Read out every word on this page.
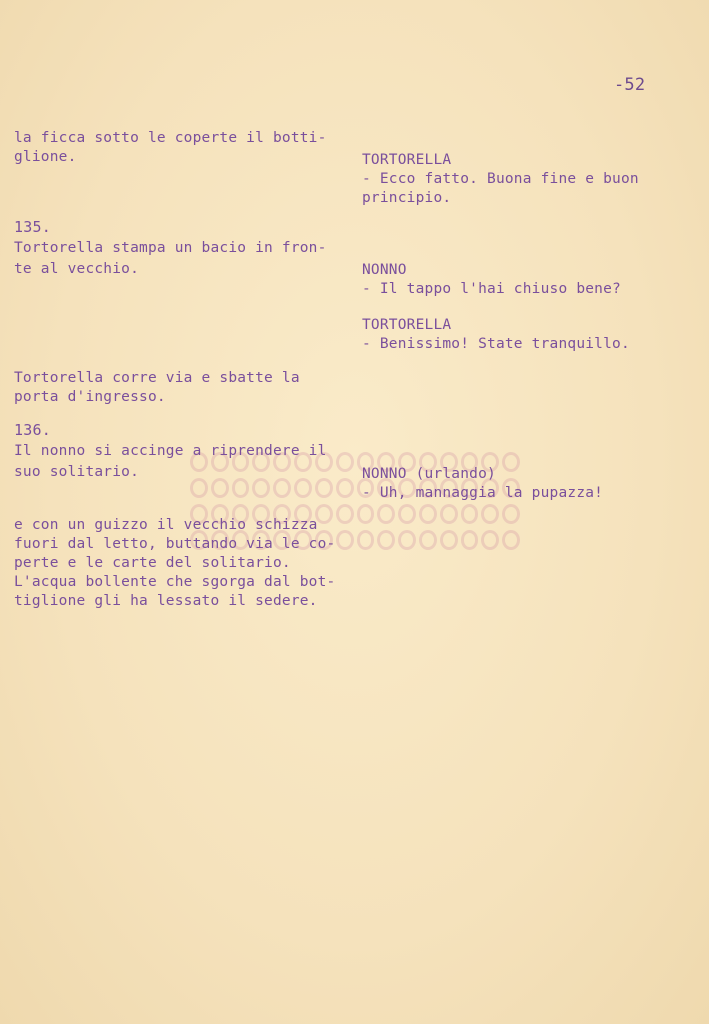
-52
la ficca sotto le coperte il botti-
glione.
135.
Tortorella stampa un bacio in fron-
te al vecchio.
Tortorella corre via e sbatte la
porta d'ingresso.
136.
Il nonno si accinge a riprendere il
suo solitario.
e con un guizzo il vecchio schizza
fuori dal letto, buttando via le co-
perte e le carte del solitario.
L'acqua bollente che sgorga dal bot-
tiglione gli ha lessato il sedere.
TORTORELLA
- Ecco fatto. Buona fine e buon
principio.
NONNO
- Il tappo l'hai chiuso bene?
TORTORELLA
- Benissimo! State tranquillo.
NONNO (urlando)
- Uh, mannaggia la pupazza!
